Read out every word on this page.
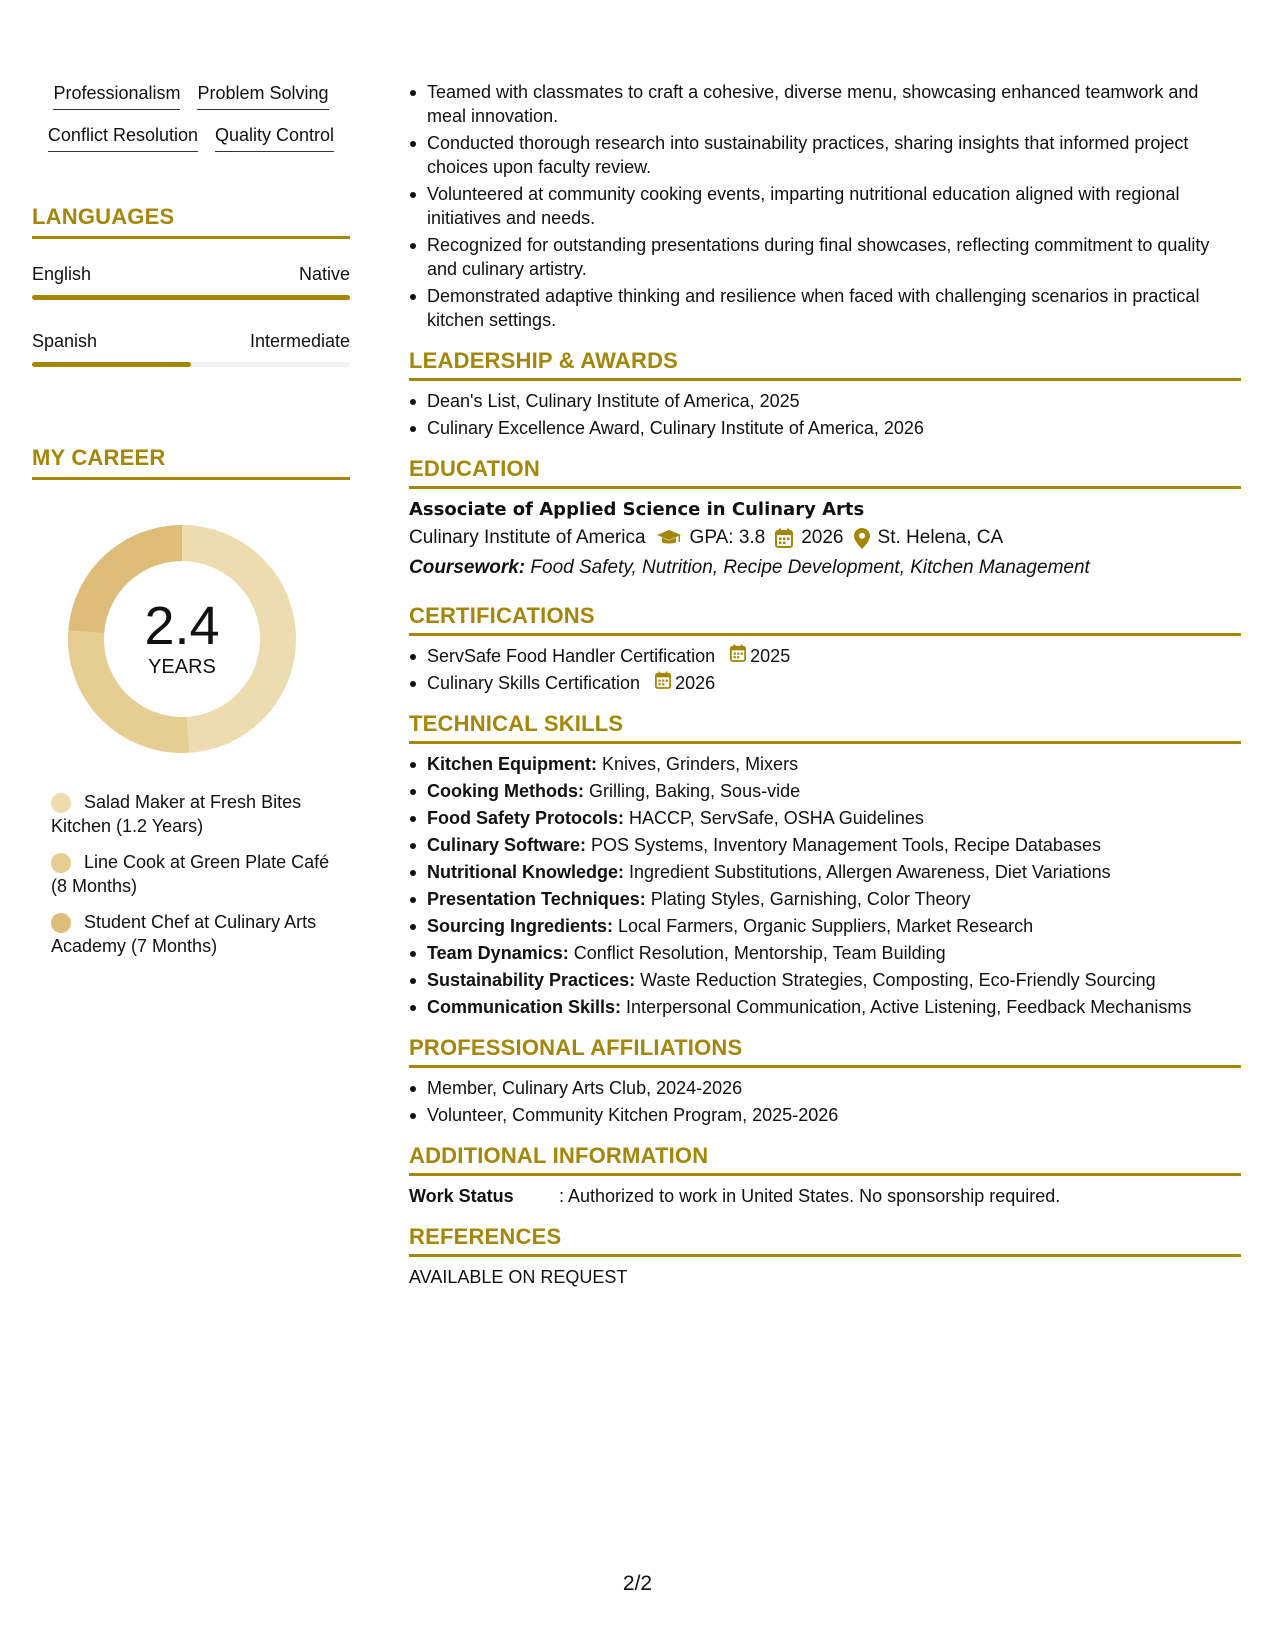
Professionalism Problem Solving
Conflict Resolution Quality Control
LANGUAGES
English	Native
Spanish	Intermediate
MY CAREER
2.4
YEARS
Salad Maker at Fresh Bites Kitchen (1.2 Years)
Line Cook at Green Plate Café (8 Months)
Student Chef at Culinary Arts Academy (7 Months)
Teamed with classmates to craft a cohesive, diverse menu, showcasing enhanced teamwork and meal innovation.
Conducted thorough research into sustainability practices, sharing insights that informed project choices upon faculty review.
Volunteered at community cooking events, imparting nutritional education aligned with regional initiatives and needs.
Recognized for outstanding presentations during final showcases, reflecting commitment to quality and culinary artistry.
Demonstrated adaptive thinking and resilience when faced with challenging scenarios in practical kitchen settings.
LEADERSHIP & AWARDS
Dean's List, Culinary Institute of America, 2025
Culinary Excellence Award, Culinary Institute of America, 2026
EDUCATION
Associate of Applied Science in Culinary Arts
Culinary Institute of America GPA: 3.8 2026 St. Helena, CA
Coursework: Food Safety, Nutrition, Recipe Development, Kitchen Management
CERTIFICATIONS
ServSafe Food Handler Certification 2025
Culinary Skills Certification 2026
TECHNICAL SKILLS
Kitchen Equipment: Knives, Grinders, Mixers
Cooking Methods: Grilling, Baking, Sous-vide
Food Safety Protocols: HACCP, ServSafe, OSHA Guidelines
Culinary Software: POS Systems, Inventory Management Tools, Recipe Databases
Nutritional Knowledge: Ingredient Substitutions, Allergen Awareness, Diet Variations
Presentation Techniques: Plating Styles, Garnishing, Color Theory
Sourcing Ingredients: Local Farmers, Organic Suppliers, Market Research
Team Dynamics: Conflict Resolution, Mentorship, Team Building
Sustainability Practices: Waste Reduction Strategies, Composting, Eco-Friendly Sourcing
Communication Skills: Interpersonal Communication, Active Listening, Feedback Mechanisms
PROFESSIONAL AFFILIATIONS
Member, Culinary Arts Club, 2024-2026
Volunteer, Community Kitchen Program, 2025-2026
ADDITIONAL INFORMATION
Work Status	: Authorized to work in United States. No sponsorship required.
REFERENCES
AVAILABLE ON REQUEST
2/2
